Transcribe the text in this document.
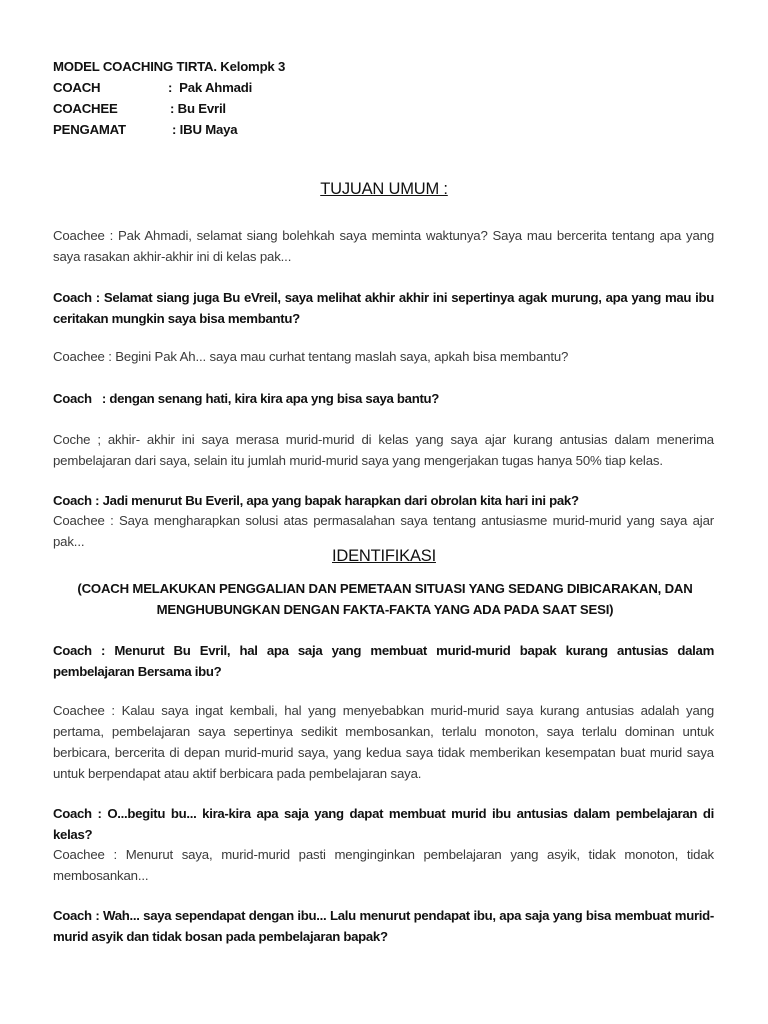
MODEL COACHING TIRTA. Kelompk 3
COACH	:  Pak Ahmadi
COACHEE	: Bu Evril
PENGAMAT	: IBU Maya
TUJUAN UMUM :
Coachee : Pak Ahmadi, selamat siang bolehkah saya meminta waktunya? Saya mau bercerita tentang apa yang saya rasakan akhir-akhir ini di kelas pak...
Coach : Selamat siang juga Bu eVreil, saya melihat akhir akhir ini sepertinya agak murung, apa yang mau ibu ceritakan mungkin saya bisa membantu?
Coachee : Begini Pak Ah... saya mau curhat tentang maslah saya, apkah bisa membantu?
Coach   : dengan senang hati, kira kira apa yng bisa saya bantu?
Coche ; akhir- akhir ini saya merasa murid-murid di kelas yang saya ajar kurang antusias dalam menerima pembelajaran dari saya, selain itu jumlah murid-murid saya yang mengerjakan tugas hanya 50% tiap kelas.
Coach : Jadi menurut Bu Everil, apa yang bapak harapkan dari obrolan kita hari ini pak?
Coachee : Saya mengharapkan solusi atas permasalahan saya tentang antusiasme murid-murid yang saya ajar pak...
IDENTIFIKASI
(COACH MELAKUKAN PENGGALIAN DAN PEMETAAN SITUASI YANG SEDANG DIBICARAKAN, DAN MENGHUBUNGKAN DENGAN FAKTA-FAKTA YANG ADA PADA SAAT SESI)
Coach : Menurut Bu Evril, hal apa saja yang membuat murid-murid bapak kurang antusias dalam pembelajaran Bersama ibu?
Coachee : Kalau saya ingat kembali, hal yang menyebabkan murid-murid saya kurang antusias adalah yang pertama, pembelajaran saya sepertinya sedikit membosankan, terlalu monoton, saya terlalu dominan untuk berbicara, bercerita di depan murid-murid saya, yang kedua saya tidak memberikan kesempatan buat murid saya untuk berpendapat atau aktif berbicara pada pembelajaran saya.
Coach : O...begitu bu... kira-kira apa saja yang dapat membuat murid ibu antusias dalam pembelajaran di kelas?
Coachee : Menurut saya, murid-murid pasti menginginkan pembelajaran yang asyik, tidak monoton, tidak membosankan...
Coach : Wah... saya sependapat dengan ibu... Lalu menurut pendapat ibu, apa saja yang bisa membuat murid-murid asyik dan tidak bosan pada pembelajaran bapak?
